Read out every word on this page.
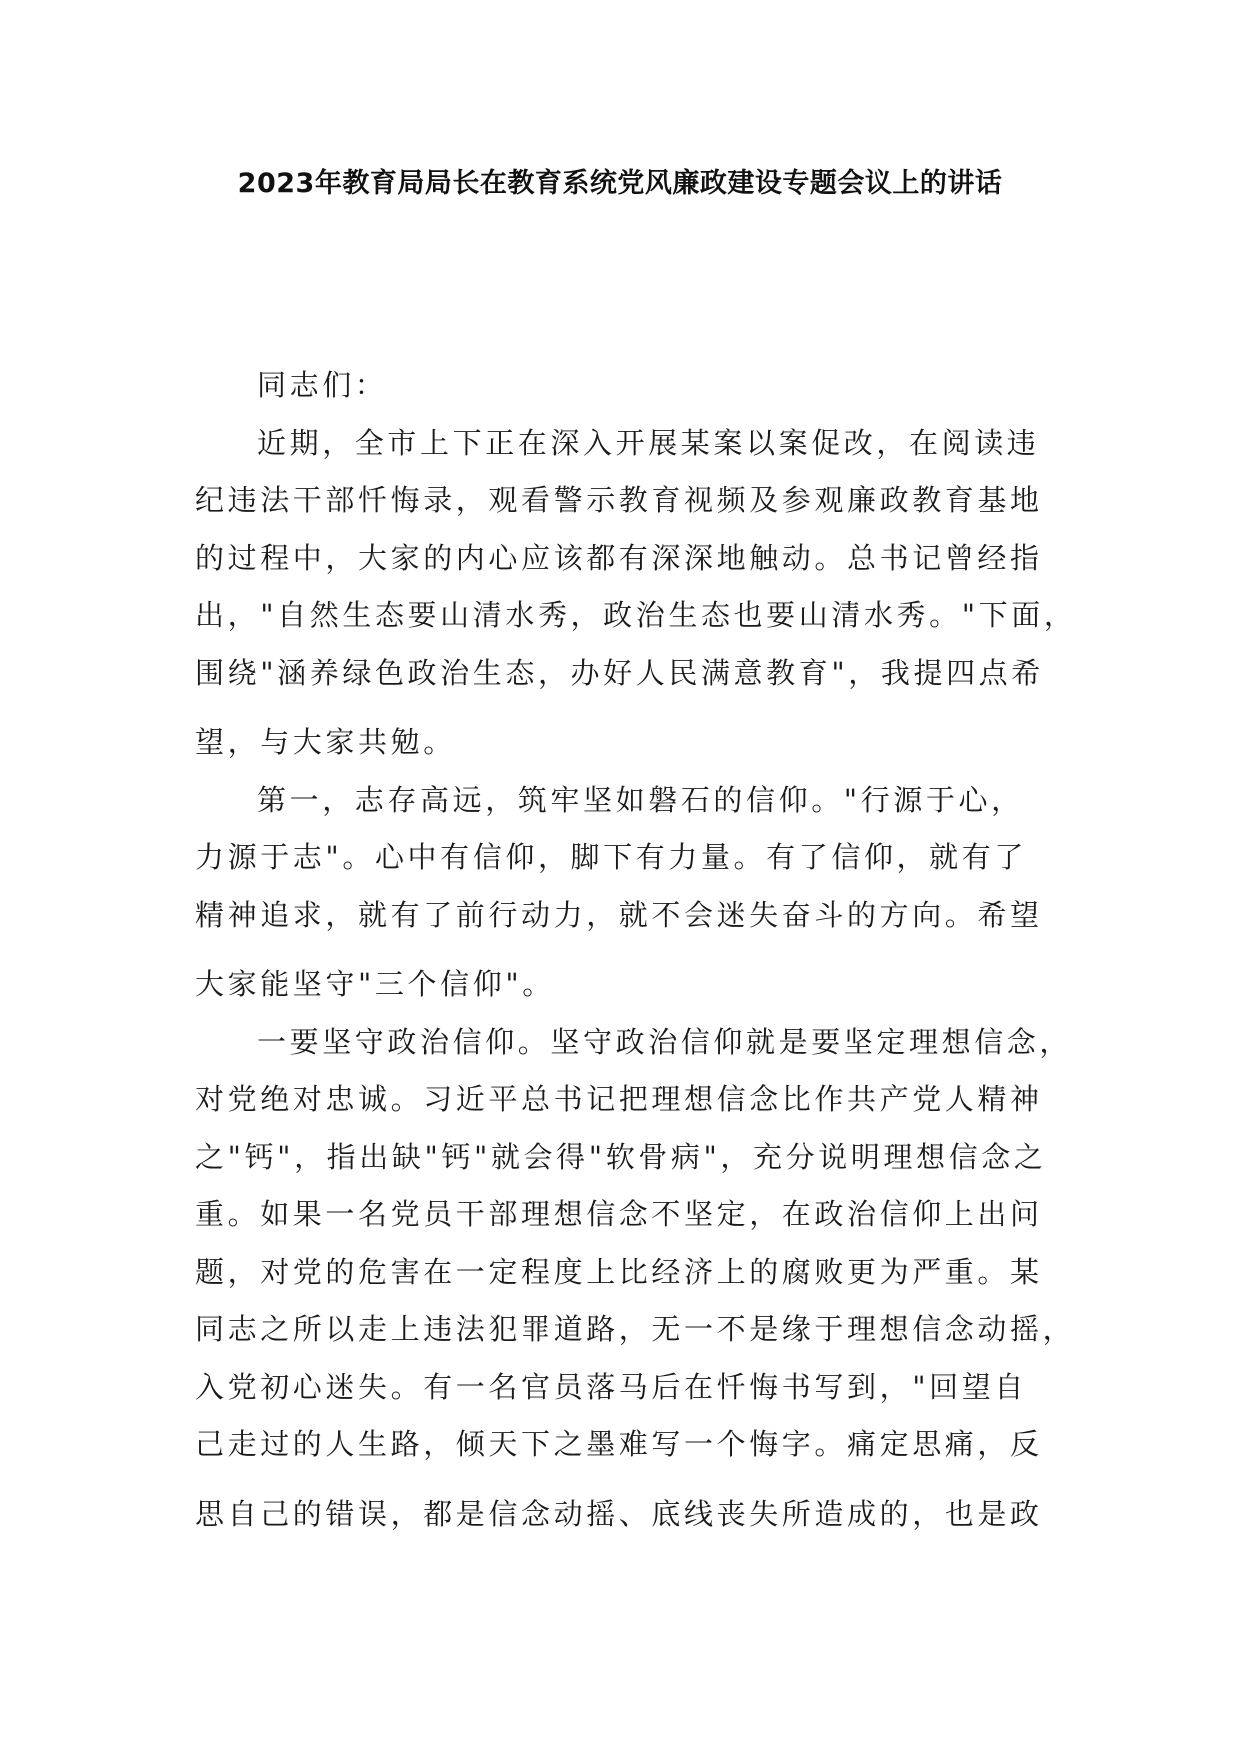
2023年教育局局长在教育系统党风廉政建设专题会议上的讲话
同志们：
近期，全市上下正在深入开展某案以案促改，在阅读违
纪违法干部忏悔录，观看警示教育视频及参观廉政教育基地
的过程中，大家的内心应该都有深深地触动。总书记曾经指
出，"自然生态要山清水秀，政治生态也要山清水秀。"下面，
围绕"涵养绿色政治生态，办好人民满意教育"，我提四点希
望，与大家共勉。
第一，志存高远，筑牢坚如磐石的信仰。"行源于心，
力源于志"。心中有信仰，脚下有力量。有了信仰，就有了
精神追求，就有了前行动力，就不会迷失奋斗的方向。希望
大家能坚守"三个信仰"。
一要坚守政治信仰。坚守政治信仰就是要坚定理想信念，
对党绝对忠诚。习近平总书记把理想信念比作共产党人精神
之"钙"，指出缺"钙"就会得"软骨病"，充分说明理想信念之
重。如果一名党员干部理想信念不坚定，在政治信仰上出问
题，对党的危害在一定程度上比经济上的腐败更为严重。某
同志之所以走上违法犯罪道路，无一不是缘于理想信念动摇，
入党初心迷失。有一名官员落马后在忏悔书写到，"回望自
己走过的人生路，倾天下之墨难写一个悔字。痛定思痛，反
思自己的错误，都是信念动摇、底线丧失所造成的，也是政
